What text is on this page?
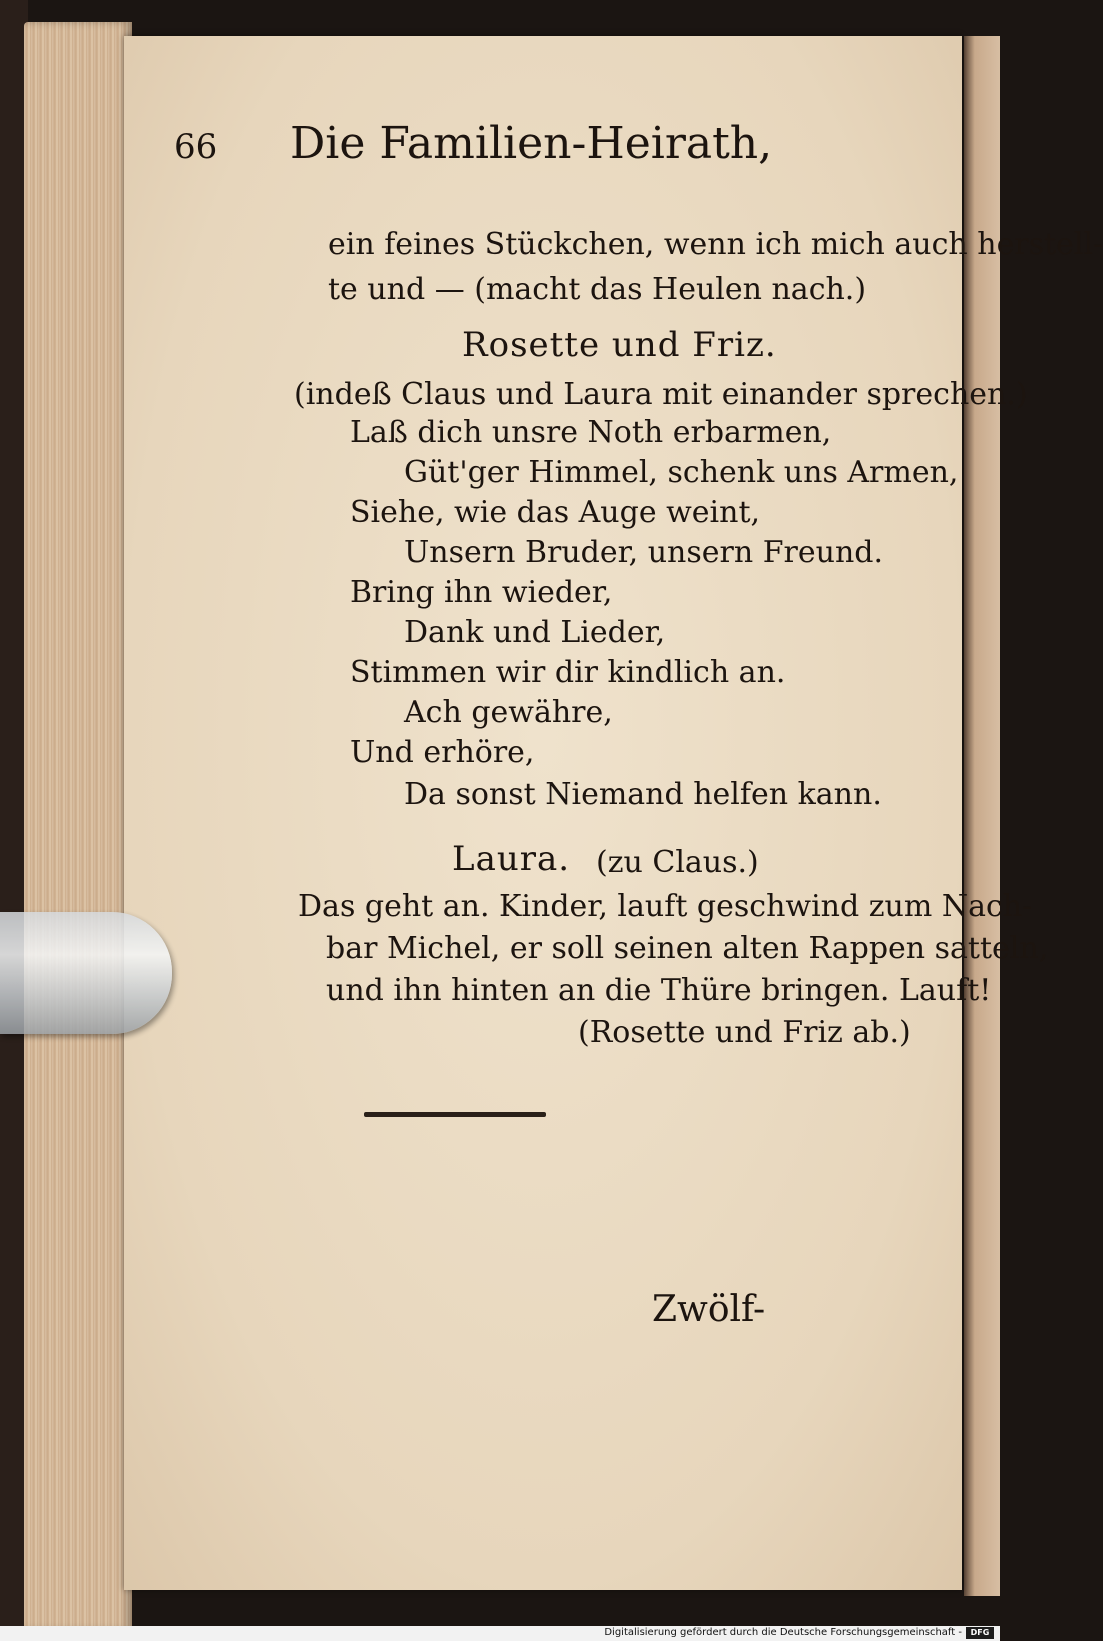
66 Die Familien-Heirath,
ein feines Stückchen, wenn ich mich auch herstell-
te und — (macht das Heulen nach.)
Rosette und Friz.
(indeß Claus und Laura mit einander sprechen.)
Laß dich unsre Noth erbarmen,
Güt'ger Himmel, schenk uns Armen,
Siehe, wie das Auge weint,
Unsern Bruder, unsern Freund.
Bring ihn wieder,
Dank und Lieder,
Stimmen wir dir kindlich an.
Ach gewähre,
Und erhöre,
Da sonst Niemand helfen kann.
Laura. (zu Claus.)
Das geht an. Kinder, lauft geschwind zum Nach-
bar Michel, er soll seinen alten Rappen satteln,
und ihn hinten an die Thüre bringen. Lauft!
(Rosette und Friz ab.)
Zwölf-
Digitalisierung gefördert durch die Deutsche Forschungsgemeinschaft -	DFG
